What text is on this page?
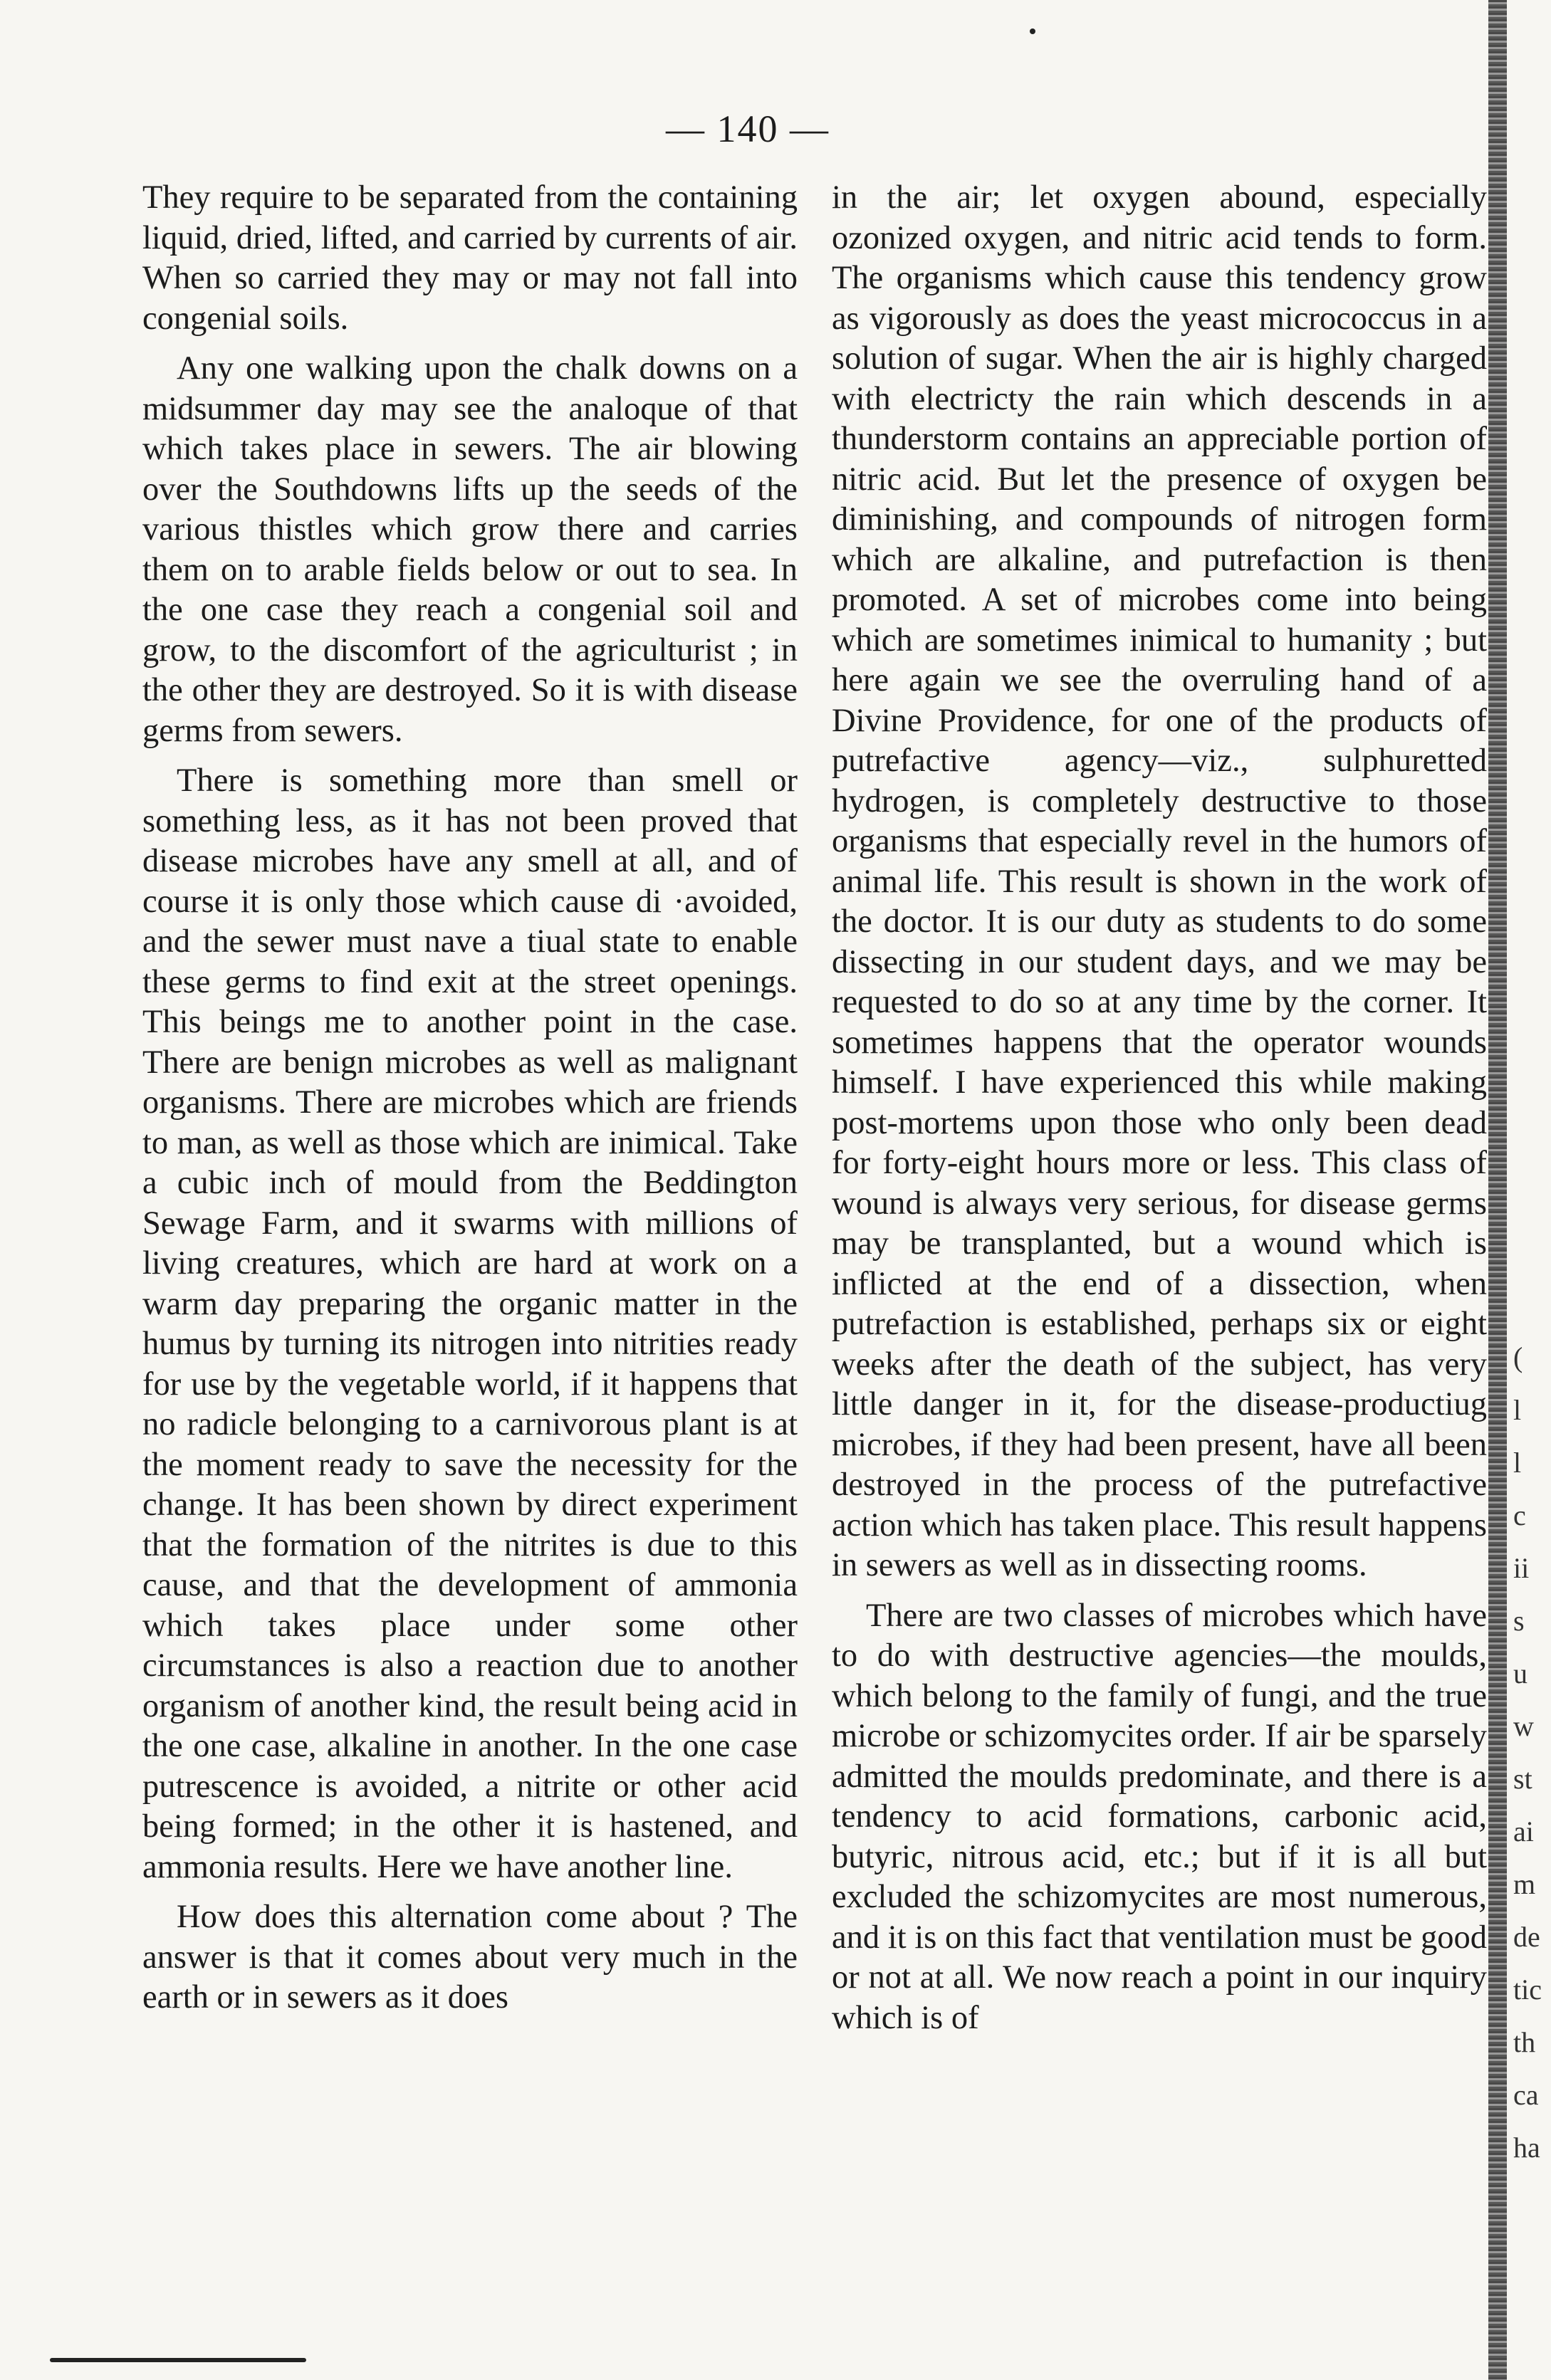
— 140 —

They require to be separated from the containing liquid, dried, lifted, and carried by currents of air. When so carried they may or may not fall into congenial soils.

Any one walking upon the chalk downs on a midsummer day may see the analoque of that which takes place in sewers. The air blowing over the Southdowns lifts up the seeds of the various thistles which grow there and carries them on to arable fields below or out to sea. In the one case they reach a congenial soil and grow, to the discomfort of the agriculturist ; in the other they are destroyed. So it is with disease germs from sewers.

There is something more than smell or something less, as it has not been proved that disease microbes have any smell at all, and of course it is only those which cause di ·avoided, and the sewer must nave a tiual state to enable these germs to find exit at the street openings. This beings me to another point in the case. There are benign microbes as well as malignant organisms. There are microbes which are friends to man, as well as those which are inimical. Take a cubic inch of mould from the Beddington Sewage Farm, and it swarms with millions of living creatures, which are hard at work on a warm day preparing the organic matter in the humus by turning its nitrogen into nitrities ready for use by the vegetable world, if it happens that no radicle belonging to a carnivorous plant is at the moment ready to save the necessity for the change. It has been shown by direct experiment that the formation of the nitrites is due to this cause, and that the development of ammonia which takes place under some other circumstances is also a reaction due to another organism of another kind, the result being acid in the one case, alkaline in another. In the one case putrescence is avoided, a nitrite or other acid being formed; in the other it is hastened, and ammonia results. Here we have another line.

How does this alternation come about ? The answer is that it comes about very much in the earth or in sewers as it does

in the air; let oxygen abound, especially ozonized oxygen, and nitric acid tends to form. The organisms which cause this tendency grow as vigorously as does the yeast micrococcus in a solution of sugar. When the air is highly charged with electricty the rain which descends in a thunderstorm contains an appreciable portion of nitric acid. But let the presence of oxygen be diminishing, and compounds of nitrogen form which are alkaline, and putrefaction is then promoted. A set of microbes come into being which are sometimes inimical to humanity ; but here again we see the overruling hand of a Divine Providence, for one of the products of putrefactive agency—viz., sulphuretted hydrogen, is completely destructive to those organisms that especially revel in the humors of animal life. This result is shown in the work of the doctor. It is our duty as students to do some dissecting in our student days, and we may be requested to do so at any time by the corner. It sometimes happens that the operator wounds himself. I have experienced this while making post-mortems upon those who only been dead for forty-eight hours more or less. This class of wound is always very serious, for disease germs may be transplanted, but a wound which is inflicted at the end of a dissection, when putrefaction is established, perhaps six or eight weeks after the death of the subject, has very little danger in it, for the disease-productiug microbes, if they had been present, have all been destroyed in the process of the putrefactive action which has taken place. This result happens in sewers as well as in dissecting rooms.

There are two classes of microbes which have to do with destructive agencies—the moulds, which belong to the family of fungi, and the true microbe or schizomycites order. If air be sparsely admitted the moulds predominate, and there is a tendency to acid formations, carbonic acid, butyric, nitrous acid, etc.; but if it is all but excluded the schizomycites are most numerous, and it is on this fact that ventilation must be good or not at all. We now reach a point in our inquiry which is of

(
l
l
c
ii
s
u
w
st
ai
m
de
tic
th
ca
ha
